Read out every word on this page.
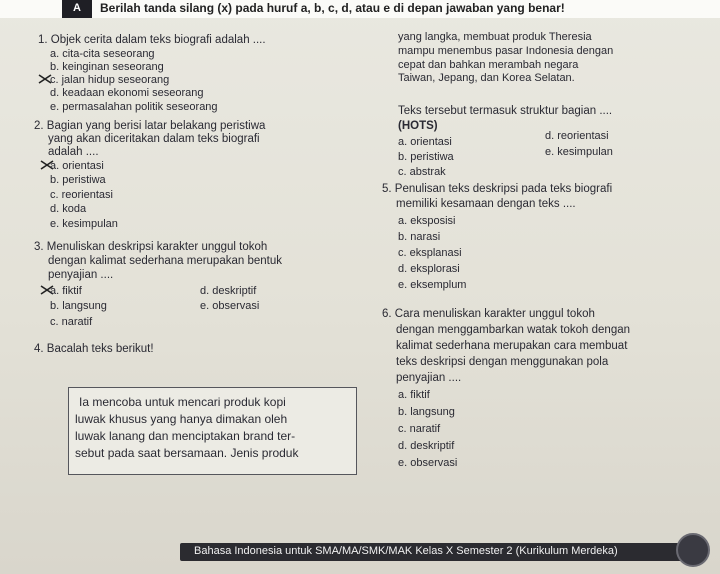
A	Berilah tanda silang (x) pada huruf a, b, c, d, atau e di depan jawaban yang benar!
1. Objek cerita dalam teks biografi adalah ....
a. cita-cita seseorang
b. keinginan seseorang
c. jalan hidup seseorang
d. keadaan ekonomi seseorang
e. permasalahan politik seseorang
2. Bagian yang berisi latar belakang peristiwa
yang akan diceritakan dalam teks biografi
adalah ....
a. orientasi
b. peristiwa
c. reorientasi
d. koda
e. kesimpulan
3. Menuliskan deskripsi karakter unggul tokoh
dengan kalimat sederhana merupakan bentuk
penyajian ....
a. fiktif
b. langsung
c. naratif
d. deskriptif
e. observasi
4. Bacalah teks berikut!
Ia mencoba untuk mencari produk kopi
luwak khusus yang hanya dimakan oleh
luwak lanang dan menciptakan brand ter-
sebut pada saat bersamaan. Jenis produk
yang langka, membuat produk Theresia
mampu menembus pasar Indonesia dengan
cepat dan bahkan merambah negara
Taiwan, Jepang, dan Korea Selatan.
Teks tersebut termasuk struktur bagian ....
(HOTS)
a. orientasi
b. peristiwa
c. abstrak
d. reorientasi
e. kesimpulan
5. Penulisan teks deskripsi pada teks biografi
memiliki kesamaan dengan teks ....
a. eksposisi
b. narasi
c. eksplanasi
d. eksplorasi
e. eksemplum
6. Cara menuliskan karakter unggul tokoh
dengan menggambarkan watak tokoh dengan
kalimat sederhana merupakan cara membuat
teks deskripsi dengan menggunakan pola
penyajian ....
a. fiktif
b. langsung
c. naratif
d. deskriptif
e. observasi
Bahasa Indonesia untuk SMA/MA/SMK/MAK Kelas X Semester 2 (Kurikulum Merdeka)
